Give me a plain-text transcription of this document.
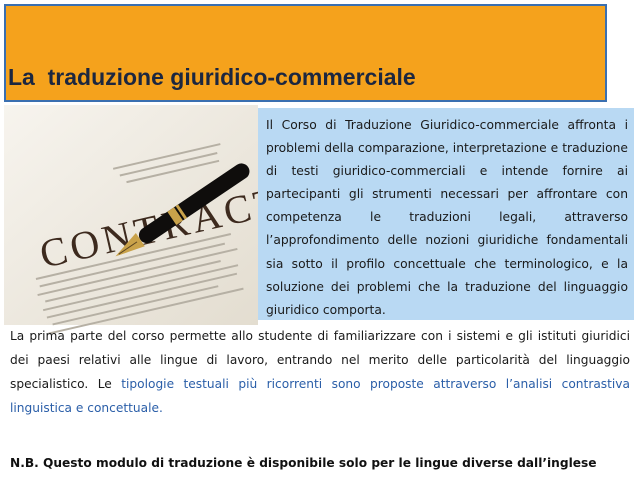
La  traduzione giuridico-commerciale

Il Corso di Traduzione Giuridico-commerciale affronta i problemi della comparazione, interpretazione e traduzione di testi giuridico-commerciali e intende fornire ai partecipanti gli strumenti necessari per affrontare con competenza le traduzioni legali, attraverso l’approfondimento delle nozioni giuridiche fondamentali sia sotto il profilo concettuale che terminologico, e la soluzione dei problemi che la traduzione del linguaggio giuridico comporta.

La prima parte del corso permette allo studente di familiarizzare con i sistemi e gli istituti giuridici dei paesi relativi alle lingue di lavoro, entrando nel merito delle particolarità del linguaggio specialistico. Le tipologie testuali più ricorrenti sono proposte attraverso l’analisi contrastiva linguistica e concettuale.
N.B. Questo modulo di traduzione è disponibile solo per le lingue diverse dall’inglese
